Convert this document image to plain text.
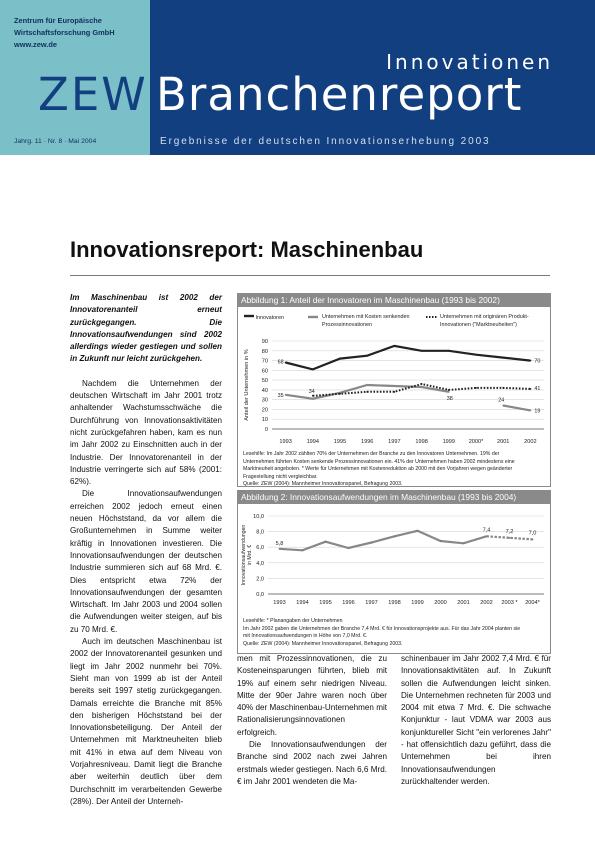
Zentrum für Europäische
Wirtschaftsforschung GmbH
www.zew.de
ZEW
Innovationen
Branchenreport
Jahrg. 11 · Nr. 8 · Mai 2004	Ergebnisse der deutschen Innovationserhebung 2003
Innovationsreport: Maschinenbau

Im Maschinenbau ist 2002 der Innovatorenanteil erneut zurückgegangen. Die Innovationsaufwendungen sind 2002 allerdings wieder gestiegen und sollen in Zukunft nur leicht zurückgehen.

Nachdem die Unternehmen der deutschen Wirtschaft im Jahr 2001 trotz anhaltender Wachstumsschwäche die Durchführung von Innovationsaktivitäten nicht zurückgefahren haben, kam es nun im Jahr 2002 zu Einschnitten auch in der Industrie. Der Innovatorenanteil in der Industrie verringerte sich auf 58% (2001: 62%).

Die Innovationsaufwendungen erreichen 2002 jedoch erneut einen neuen Höchststand, da vor allem die Großunternehmen in Summe weiter kräftig in Innovationen investieren. Die Innovationsaufwendungen der deutschen Industrie summieren sich auf 68 Mrd. €. Dies entspricht etwa 72% der Innovationsaufwendungen der gesamten Wirtschaft. Im Jahr 2003 und 2004 sollen die Aufwendungen weiter steigen, auf bis zu 70 Mrd. €.

Auch im deutschen Maschinenbau ist 2002 der Innovatorenanteil gesunken und liegt im Jahr 2002 nunmehr bei 70%. Sieht man von 1999 ab ist der Anteil bereits seit 1997 stetig zurückgegangen. Damals erreichte die Branche mit 85% den bisherigen Höchststand bei der Innovationsbeteiligung. Der Anteil der Unternehmen mit Marktneuheiten blieb mit 41% in etwa auf dem Niveau von Vorjahresniveau. Damit liegt die Branche aber weiterhin deutlich über dem Durchschnitt im verarbeitenden Gewerbe (28%). Der Anteil der Unterneh-

Abbildung 1: Anteil der Innovatoren im Maschinenbau (1993 bis 2002)
Innovatoren	Unternehmen mit Kosten senkenden Prozessinnovationen
Unternehmen mit originären Produkt-Innovationen ("Marktneuheiten")
0
10
20
30
40
50
60
70
80
90
1993	1994	1995	1996	1997	1998	1999 2000* 2001	2002
Anteil der Unternehmen in %	68	70
35
34
38
41
24
19
Lesehilfe: Im Jahr 2002 zählten 70% der Unternehmen der Branche zu den Innovatoren Unternehmen. 19% der
Unternehmen führten Kosten senkende Prozessinnovationen ein. 41% der Unternehmen haben 2002 mindestens eine
Marktneuheit angeboten. * Werte für Unternehmen mit Kostenreduktion ab 2000 mit den Vorjahren wegen geänderter
Fragestellung nicht vergleichbar.
Quelle: ZEW (2004): Mannheimer Innovationspanel, Befragung 2003.
Abbildung 2: Innovationsaufwendungen im Maschinenbau (1993 bis 2004)
0,0
2,0
4,0
6,0
8,0
10,0
1993 1994 1995 1996 1997 1998 1999 2000 2001 2002 2003 * 2004*
Innovationsaufwendungen in Mrd. €
5,8
7,4	7,2	7,0
Lesehilfe: * Planangaben der Unternehmen
Im Jahr 2002 gaben die Unternehmen der Branche 7,4 Mrd. € für Innovationsprojekte aus. Für das Jahr 2004 planten sie
mit Innovationsaufwendungen in Höhe von 7,0 Mrd. €.
Quelle: ZEW (2004): Mannheimer Innovationspanel, Befragung 2003.

men mit Prozessinnovationen, die zu Kosteneinsparungen führten, blieb mit 19% auf einem sehr niedrigen Niveau. Mitte der 90er Jahre waren noch über 40% der Maschinenbau-Unternehmen mit Rationalisierungsinnovationen erfolgreich.

Die Innovationsaufwendungen der Branche sind 2002 nach zwei Jahren erstmals wieder gestiegen. Nach 6,6 Mrd. € im Jahr 2001 wendeten die Ma-

schinenbauer im Jahr 2002 7,4 Mrd. € für Innovationsaktivitäten auf. In Zukunft sollen die Aufwendungen leicht sinken. Die Unternehmen rechneten für 2003 und 2004 mit etwa 7 Mrd. €. Die schwache Konjunktur - laut VDMA war 2003 aus konjunktureller Sicht "ein verlorenes Jahr" - hat offensichtlich dazu geführt, dass die Unternehmen bei ihren Innovationsaufwendungen zurückhaltender werden.
